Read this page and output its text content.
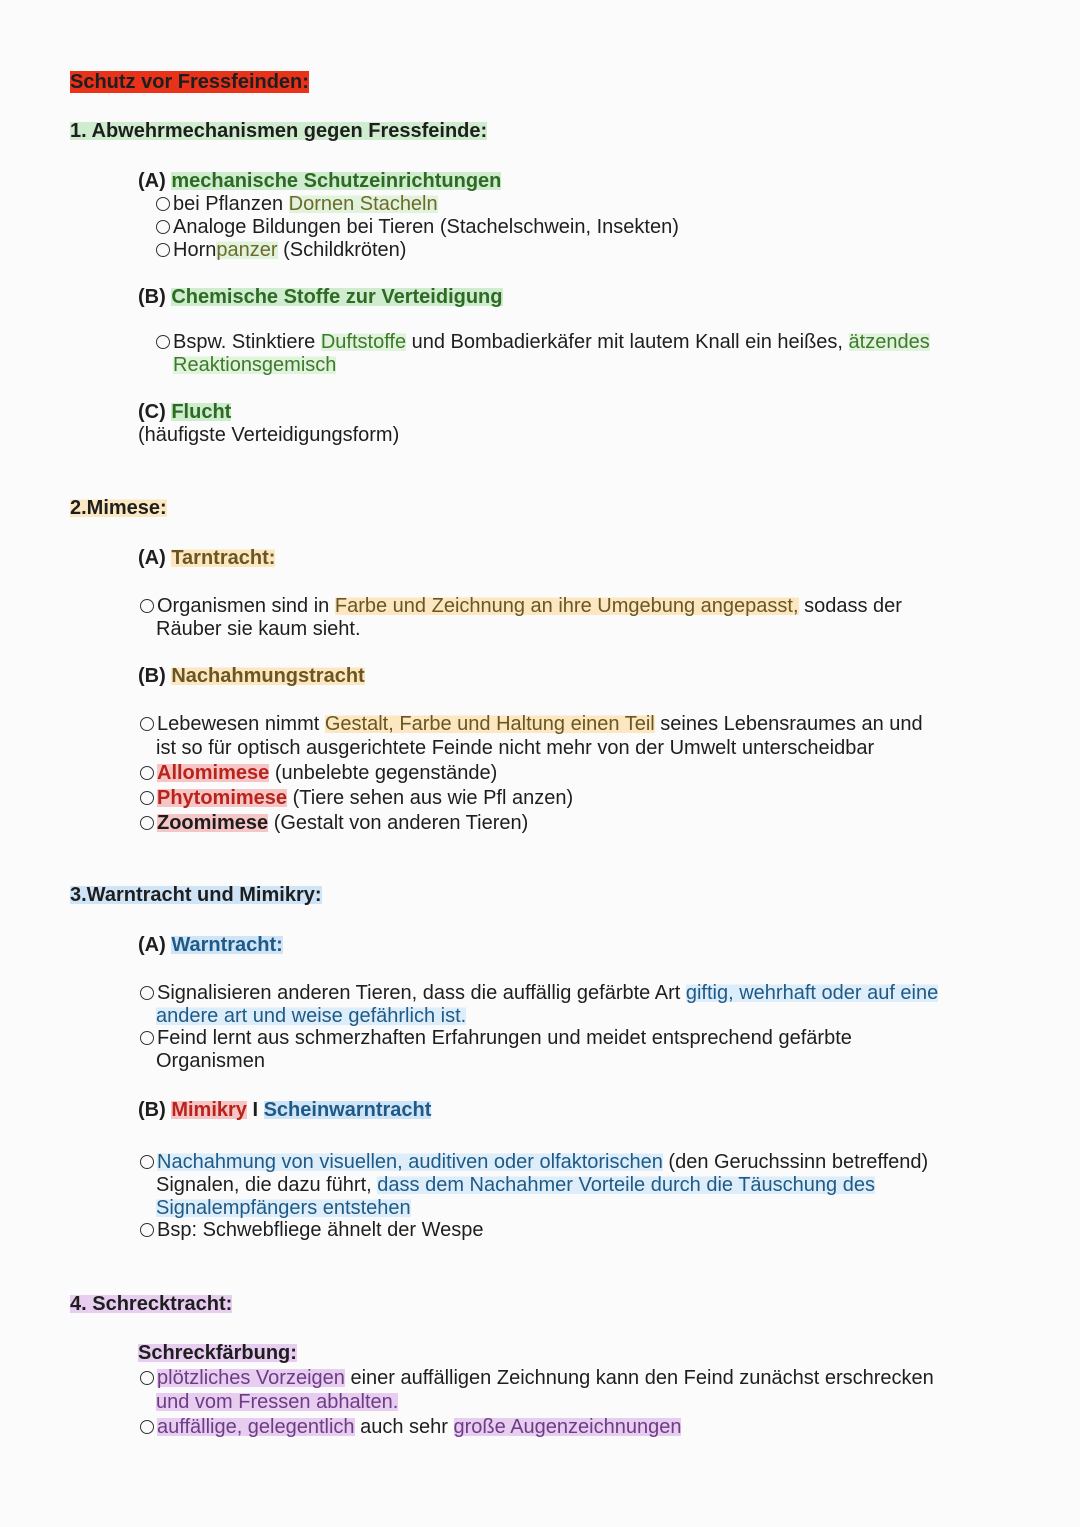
Schutz vor Fressfeinden:
1. Abwehrmechanismen gegen Fressfeinde:
(A) mechanische Schutzeinrichtungen
bei Pflanzen Dornen Stacheln
Analoge Bildungen bei Tieren (Stachelschwein, Insekten)
Hornpanzer (Schildkröten)
(B) Chemische Stoffe zur Verteidigung
Bspw. Stinktiere Duftstoffe und Bombadierkäfer mit lautem Knall ein heißes, ätzendes
Reaktionsgemisch
(C) Flucht
(häufigste Verteidigungsform)
2.Mimese:
(A) Tarntracht:
Organismen sind in Farbe und Zeichnung an ihre Umgebung angepasst, sodass der
Räuber sie kaum sieht.
(B) Nachahmungstracht
Lebewesen nimmt Gestalt, Farbe und Haltung einen Teil seines Lebensraumes an und
ist so für optisch ausgerichtete Feinde nicht mehr von der Umwelt unterscheidbar
Allomimese (unbelebte gegenstände)
Phytomimese (Tiere sehen aus wie Pfl anzen)
Zoomimese (Gestalt von anderen Tieren)
3.Warntracht und Mimikry:
(A) Warntracht:
Signalisieren anderen Tieren, dass die auffällig gefärbte Art giftig, wehrhaft oder auf eine
andere art und weise gefährlich ist.
Feind lernt aus schmerzhaften Erfahrungen und meidet entsprechend gefärbte
Organismen
(B) Mimikry I Scheinwarntracht
Nachahmung von visuellen, auditiven oder olfaktorischen (den Geruchssinn betreffend)
Signalen, die dazu führt, dass dem Nachahmer Vorteile durch die Täuschung des
Signalempfängers entstehen
Bsp: Schwebfliege ähnelt der Wespe
4. Schrecktracht:
Schreckfärbung:
plötzliches Vorzeigen einer auffälligen Zeichnung kann den Feind zunächst erschrecken
und vom Fressen abhalten.
auffällige, gelegentlich auch sehr große Augenzeichnungen
